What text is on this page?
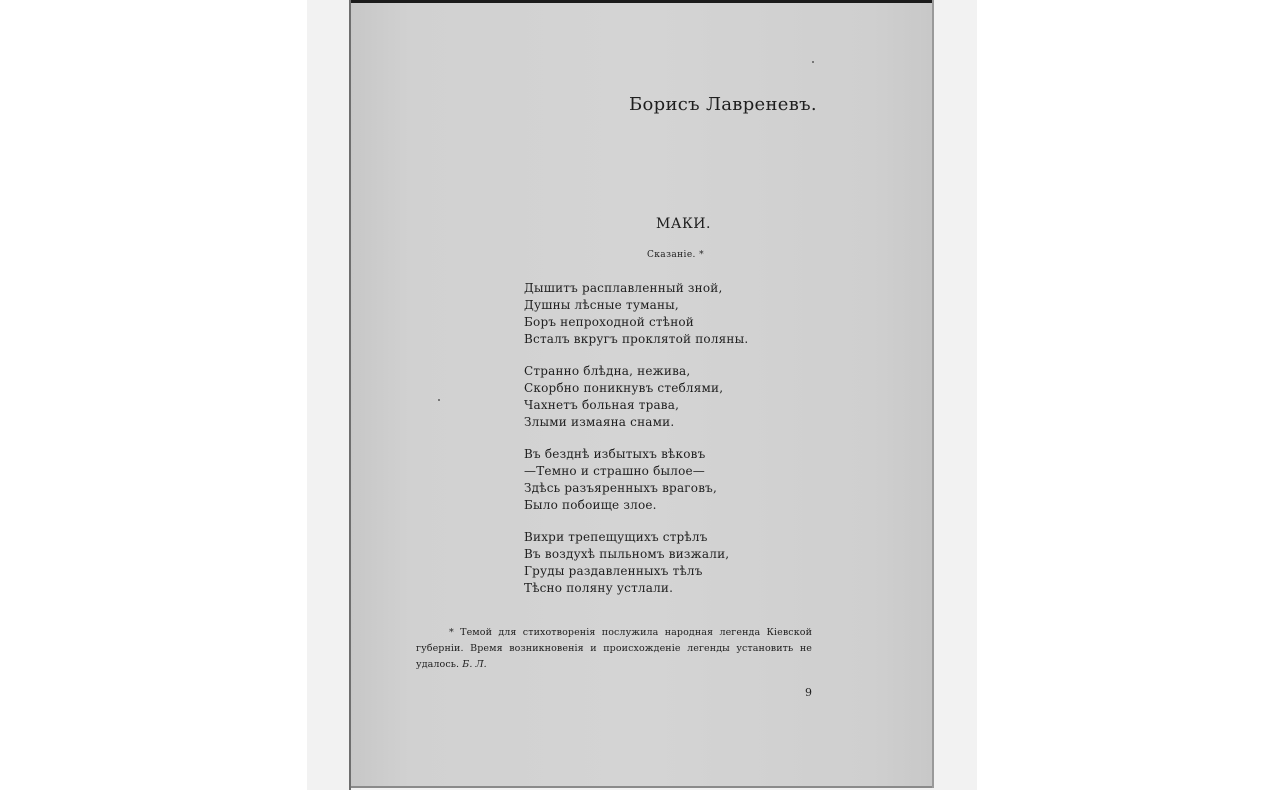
Борисъ Лавреневъ.
МАКИ.
Сказаніе. *
Дышитъ расплавленный зной,
Душны лѣсные туманы,
Боръ непроходной стѣной
Всталъ вкругъ проклятой поляны.
Странно блѣдна, нежива,
Скорбно поникнувъ стеблями,
Чахнетъ больная трава,
Злыми измаяна снами.
Въ безднѣ избытыхъ вѣковъ
—Темно и страшно былое—
Здѣсь разъяренныхъ враговъ,
Было побоище злое.
Вихри трепещущихъ стрѣлъ
Въ воздухѣ пыльномъ визжали,
Груды раздавленныхъ тѣлъ
Тѣсно поляну устлали.
* Темой для стихотворенія послужила народная легенда Кіевской губерніи. Время возникновенія и происхожденіе легенды установить не удалось. Б. Л.
9
